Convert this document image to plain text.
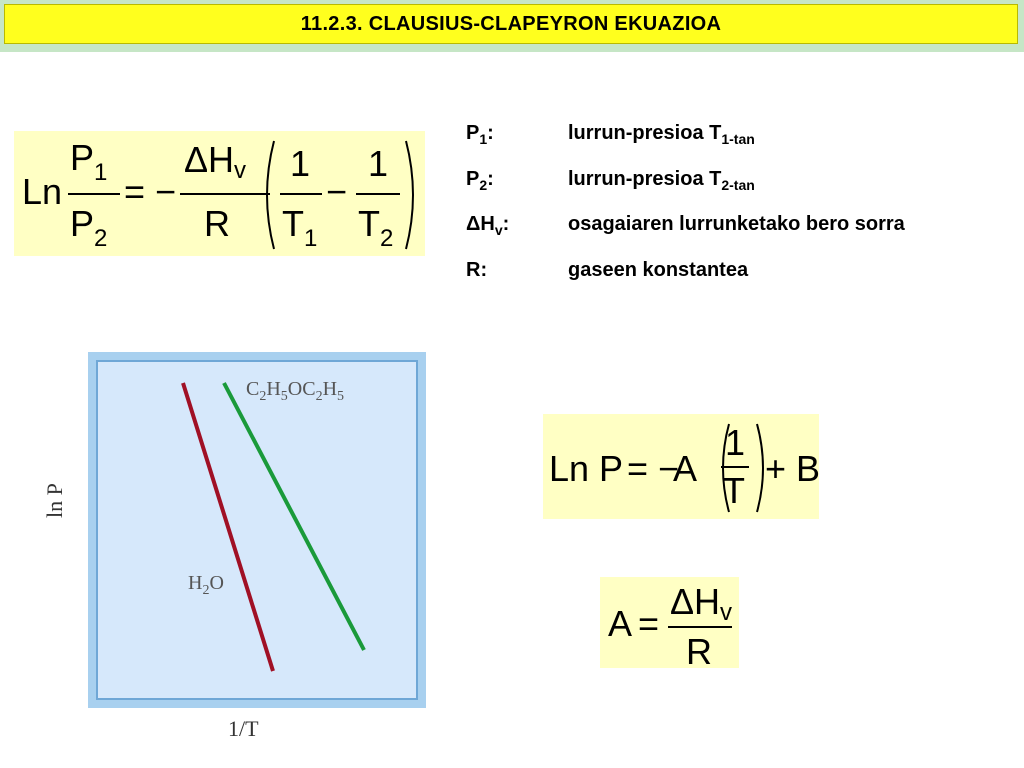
11.2.3. CLAUSIUS-CLAPEYRON EKUAZIOA
Ln
$P_1$
$P_2$
= −
ΔHv
R
1
$T_1$
−
1
$T_2$
$P_1$:	lurrun-presioa $T_{1-tan}$
$P_2$:	lurrun-presioa $T_{2-tan}$
$\Delta H_v$:	osagaiaren lurrunketako bero sorra
R:	gaseen konstantea
$C_2H_5OC_2H_5$
$H_2O$
1/T
ln P
Ln P = −
A
1
T
+ B
A =
ΔHv
R
